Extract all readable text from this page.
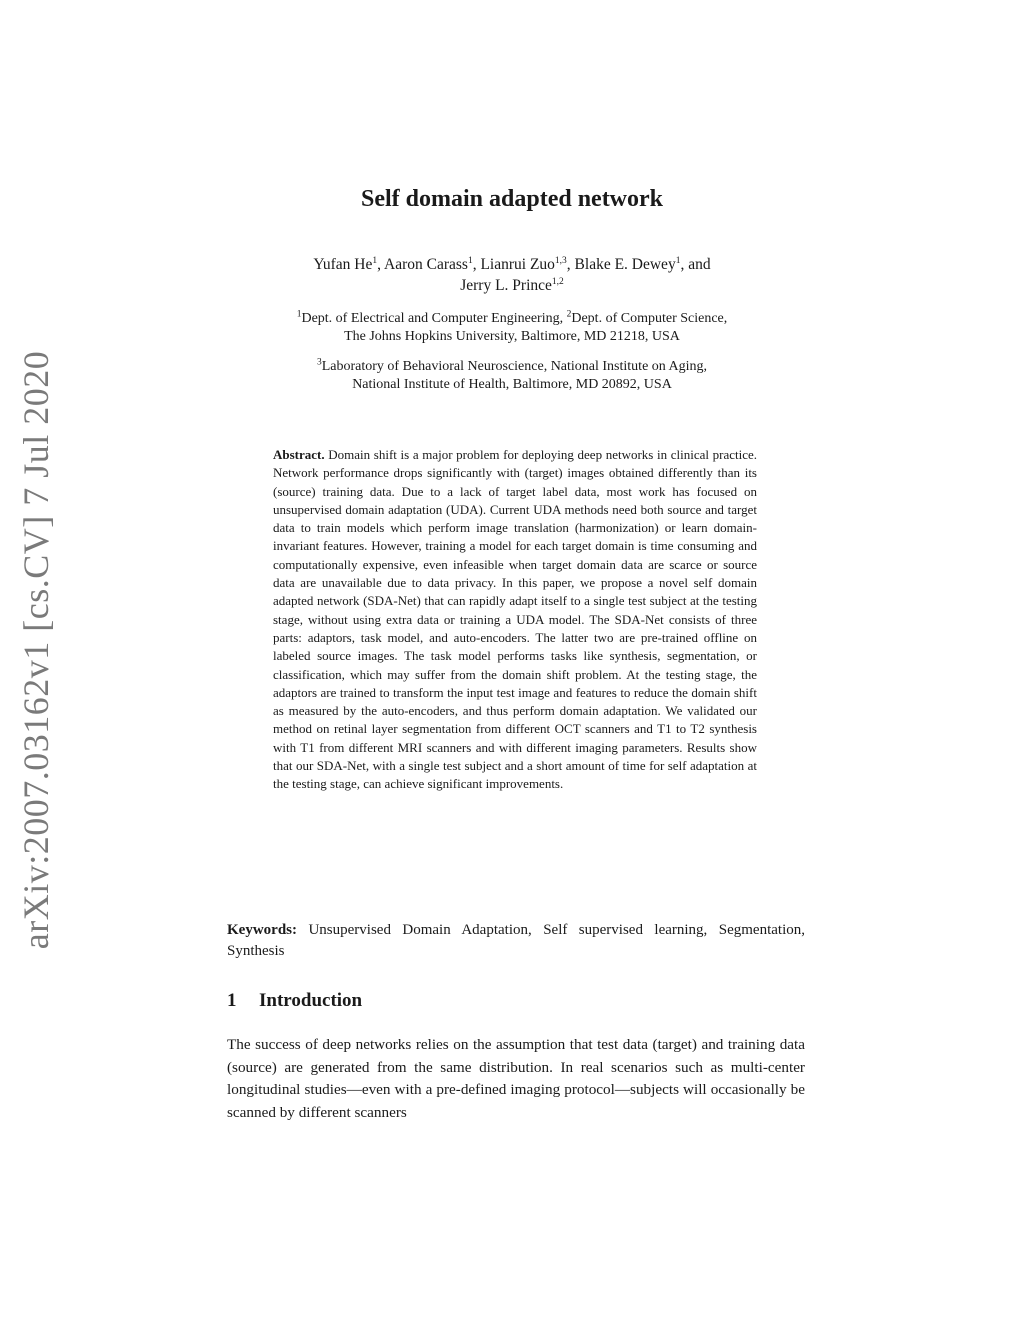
arXiv:2007.03162v1 [cs.CV] 7 Jul 2020
Self domain adapted network
Yufan He$^1$, Aaron Carass$^1$, Lianrui Zuo$^{1,3}$, Blake E. Dewey$^1$, and
Jerry L. Prince$^{1,2}$
$^1$Dept. of Electrical and Computer Engineering, $^2$Dept. of Computer Science,
The Johns Hopkins University, Baltimore, MD 21218, USA
$^3$Laboratory of Behavioral Neuroscience, National Institute on Aging,
National Institute of Health, Baltimore, MD 20892, USA

Abstract. Domain shift is a major problem for deploying deep networks in clinical practice. Network performance drops significantly with (target) images obtained differently than its (source) training data. Due to a lack of target label data, most work has focused on unsupervised domain adaptation (UDA). Current UDA methods need both source and target data to train models which perform image translation (harmonization) or learn domain-invariant features. However, training a model for each target domain is time consuming and computationally expensive, even infeasible when target domain data are scarce or source data are unavailable due to data privacy. In this paper, we propose a novel self domain adapted network (SDA-Net) that can rapidly adapt itself to a single test subject at the testing stage, without using extra data or training a UDA model. The SDA-Net consists of three parts: adaptors, task model, and auto-encoders. The latter two are pre-trained offline on labeled source images. The task model performs tasks like synthesis, segmentation, or classification, which may suffer from the domain shift problem. At the testing stage, the adaptors are trained to transform the input test image and features to reduce the domain shift as measured by the auto-encoders, and thus perform domain adaptation. We validated our method on retinal layer segmentation from different OCT scanners and T1 to T2 synthesis with T1 from different MRI scanners and with different imaging parameters. Results show that our SDA-Net, with a single test subject and a short amount of time for self adaptation at the testing stage, can achieve significant improvements.

Keywords: Unsupervised Domain Adaptation, Self supervised learning, Segmentation, Synthesis

1 Introduction

The success of deep networks relies on the assumption that test data (target) and training data (source) are generated from the same distribution. In real scenarios such as multi-center longitudinal studies—even with a pre-defined imaging protocol—subjects will occasionally be scanned by different scanners
